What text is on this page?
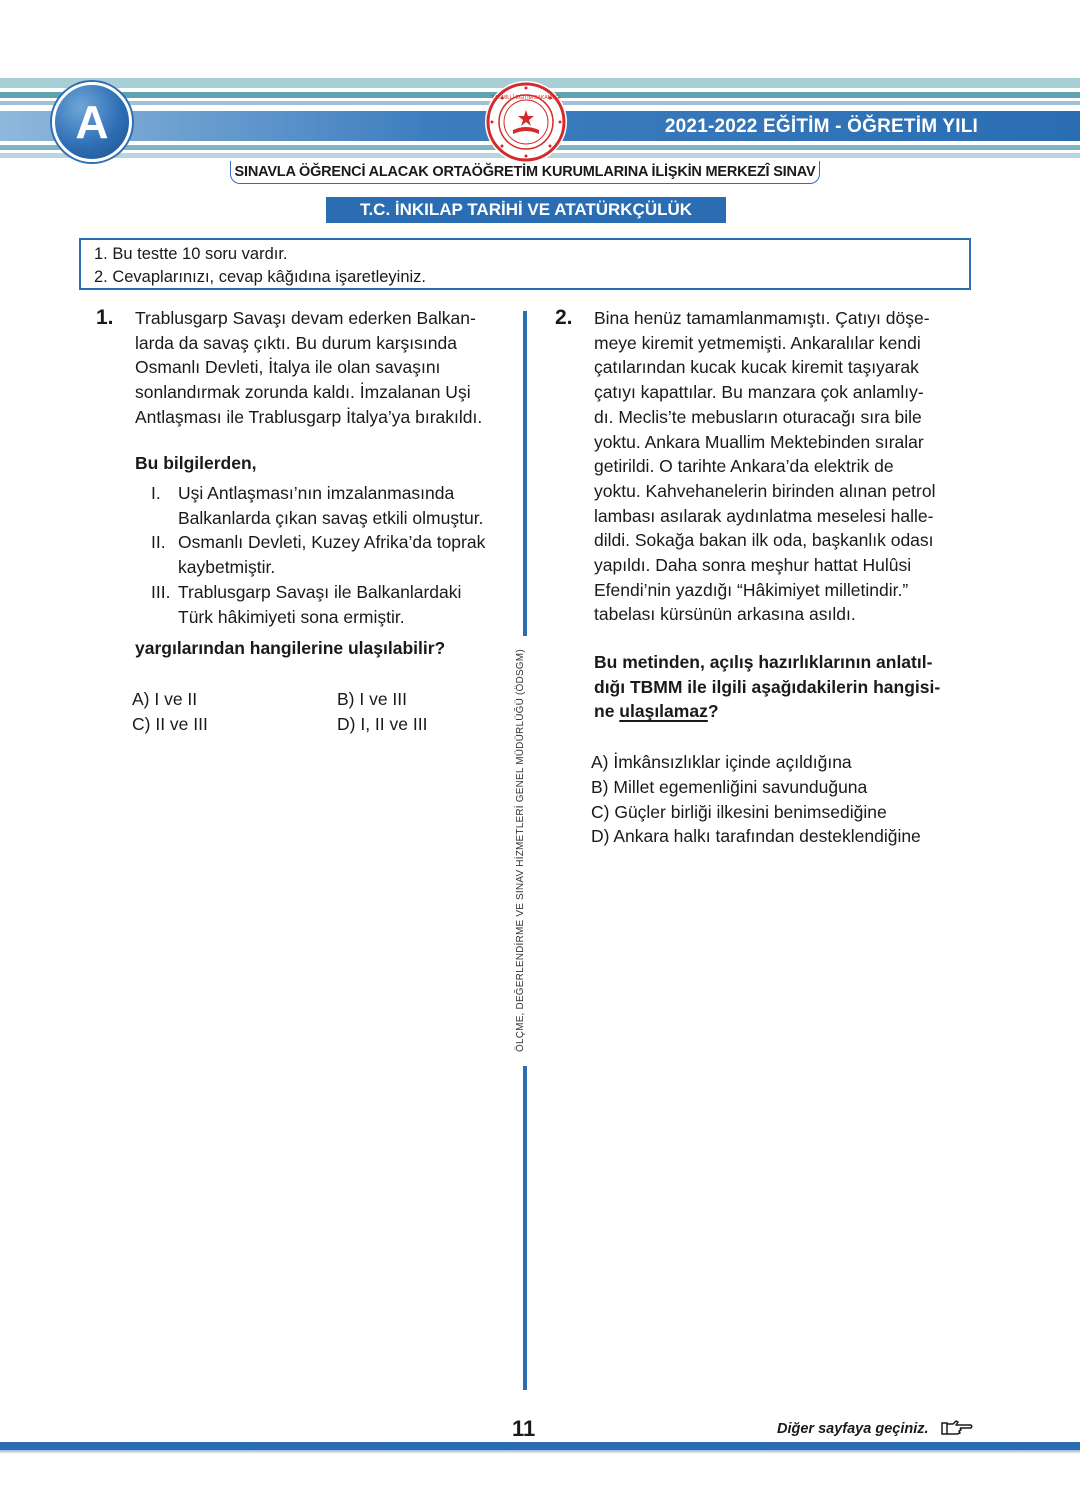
A	T.C. MİLLÎ EĞİTİM BAKANLIĞI
2021-2022 EĞİTİM - ÖĞRETİM YILI
SINAVLA ÖĞRENCİ ALACAK ORTAÖĞRETİM KURUMLARINA İLİŞKİN MERKEZÎ SINAV
T.C. İNKILAP TARİHİ VE ATATÜRKÇÜLÜK
1. Bu testte 10 soru vardır.
2. Cevaplarınızı, cevap kâğıdına işaretleyiniz.
ÖLÇME, DEĞERLENDİRME VE SINAV HİZMETLERİ GENEL MÜDÜRLÜĞÜ (ÖDSGM)
1. Trablusgarp Savaşı devam ederken Balkan-
larda da savaş çıktı. Bu durum karşısında
Osmanlı Devleti, İtalya ile olan savaşını
sonlandırmak zorunda kaldı. İmzalanan Uşi
Antlaşması ile Trablusgarp İtalya’ya bırakıldı.
Bu bilgilerden,
I. Uşi Antlaşması’nın imzalanmasında
Balkanlarda çıkan savaş etkili olmuştur.
II. Osmanlı Devleti, Kuzey Afrika’da toprak
kaybetmiştir.
III. Trablusgarp Savaşı ile Balkanlardaki
Türk hâkimiyeti sona ermiştir.
yargılarından hangilerine ulaşılabilir?
A) I ve II	B) I ve III
C) II ve III	D) I, II ve III
2. Bina henüz tamamlanmamıştı. Çatıyı döşe-
meye kiremit yetmemişti. Ankaralılar kendi
çatılarından kucak kucak kiremit taşıyarak
çatıyı kapattılar. Bu manzara çok anlamlıy-
dı. Meclis’te mebusların oturacağı sıra bile
yoktu. Ankara Muallim Mektebinden sıralar
getirildi. O tarihte Ankara’da elektrik de
yoktu. Kahvehanelerin birinden alınan petrol
lambası asılarak aydınlatma meselesi halle-
dildi. Sokağa bakan ilk oda, başkanlık odası
yapıldı. Daha sonra meşhur hattat Hulûsi
Efendi’nin yazdığı “Hâkimiyet milletindir.”
tabelası kürsünün arkasına asıldı.
Bu metinden, açılış hazırlıklarının anlatıl-
dığı TBMM ile ilgili aşağıdakilerin hangisi-
ne ulaşılamaz?
A) İmkânsızlıklar içinde açıldığına
B) Millet egemenliğini savunduğuna
C) Güçler birliği ilkesini benimsediğine
D) Ankara halkı tarafından desteklendiğine
11	Diğer sayfaya geçiniz.
